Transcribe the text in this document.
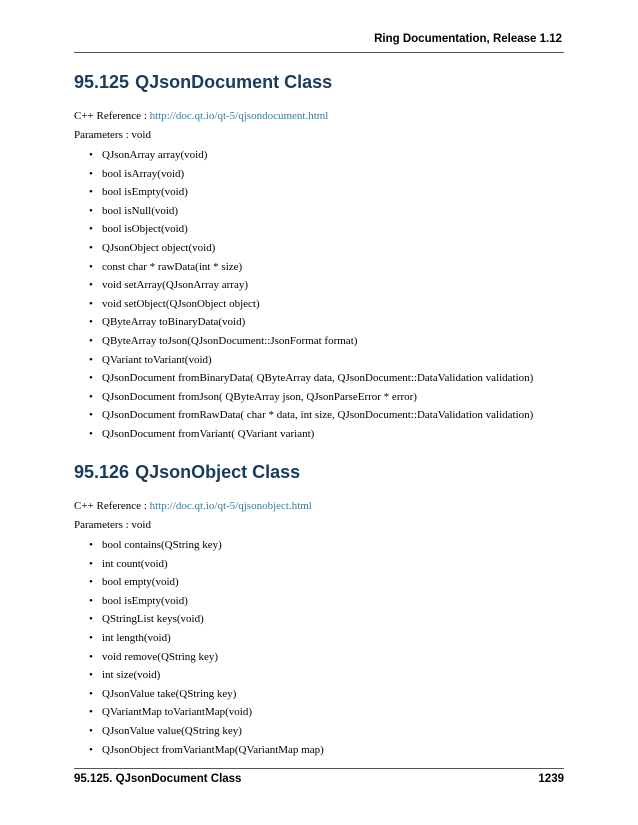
Ring Documentation, Release 1.12
95.125 QJsonDocument Class
C++ Reference : http://doc.qt.io/qt-5/qjsondocument.html
Parameters : void
• QJsonArray array(void)
• bool isArray(void)
• bool isEmpty(void)
• bool isNull(void)
• bool isObject(void)
• QJsonObject object(void)
• const char * rawData(int * size)
• void setArray(QJsonArray array)
• void setObject(QJsonObject object)
• QByteArray toBinaryData(void)
• QByteArray toJson(QJsonDocument::JsonFormat format)
• QVariant toVariant(void)
• QJsonDocument fromBinaryData( QByteArray data, QJsonDocument::DataValidation validation)
• QJsonDocument fromJson( QByteArray json, QJsonParseError * error)
• QJsonDocument fromRawData( char * data, int size, QJsonDocument::DataValidation validation)
• QJsonDocument fromVariant( QVariant variant)
95.126 QJsonObject Class
C++ Reference : http://doc.qt.io/qt-5/qjsonobject.html
Parameters : void
• bool contains(QString key)
• int count(void)
• bool empty(void)
• bool isEmpty(void)
• QStringList keys(void)
• int length(void)
• void remove(QString key)
• int size(void)
• QJsonValue take(QString key)
• QVariantMap toVariantMap(void)
• QJsonValue value(QString key)
• QJsonObject fromVariantMap(QVariantMap map)
95.125. QJsonDocument Class	1239
